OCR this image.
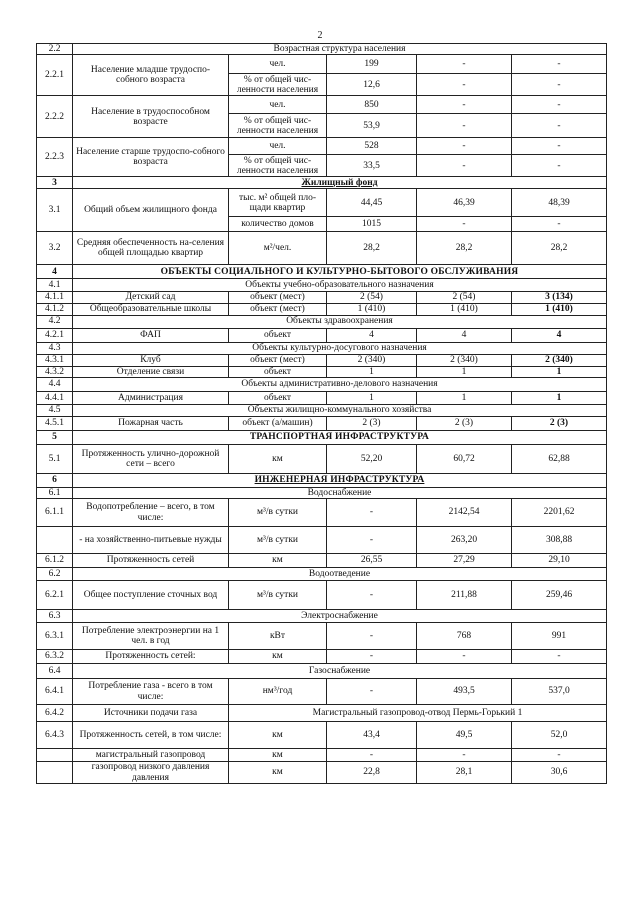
2
2.2	Возрастная структура населения				
2.2.1	Население младше трудоспо-собного возраста	чел.	199	-	-
		% от общей чис-ленности населения	12,6	-	-
2.2.2	Население в трудоспособном возрасте	чел.	850	-	-
		% от общей чис-ленности населения	53,9	-	-
2.2.3	Население старше трудоспо-собного возраста	чел.	528	-	-
		% от общей чис-ленности населения	33,5	-	-
3	Жилищный фонд				
3.1	Общий объем жилищного фонда	тыс. м² общей пло-щади квартир	44,45	46,39	48,39
		количество домов	1015	-	-
3.2	Средняя обеспеченность на-селения общей площадью квартир	м²/чел.	28,2	28,2	28,2
4	ОБЪЕКТЫ СОЦИАЛЬНОГО И КУЛЬТУРНО-БЫТОВОГО ОБСЛУЖИВАНИЯ				
4.1	Объекты учебно-образовательного назначения				
4.1.1	Детский сад	объект (мест)	2 (54)	2 (54)	3 (134)
4.1.2	Общеобразовательные школы	объект (мест)	1 (410)	1 (410)	1 (410)
4.2	Объекты здравоохранения				
4.2.1	ФАП	объект	4	4	4
4.3	Объекты культурно-досугового назначения				
4.3.1	Клуб	объект (мест)	2 (340)	2 (340)	2 (340)
4.3.2	Отделение связи	объект	1	1	1
4.4	Объекты административно-делового назначения				
4.4.1	Администрация	объект	1	1	1
4.5	Объекты жилищно-коммунального хозяйства				
4.5.1	Пожарная часть	объект (а/машин)	2 (3)	2 (3)	2 (3)
5	ТРАНСПОРТНАЯ ИНФРАСТРУКТУРА				
5.1	Протяженность улично-дорожной сети – всего	км	52,20	60,72	62,88
6	ИНЖЕНЕРНАЯ ИНФРАСТРУКТУРА				
6.1	Водоснабжение				
6.1.1	Водопотребление – всего, в том числе:	м³/в сутки	-	2142,54	2201,62
	- на хозяйственно-питьевые нужды	м³/в сутки	-	263,20	308,88
6.1.2	Протяженность сетей	км	26,55	27,29	29,10
6.2	Водоотведение				
6.2.1	Общее поступление сточных вод	м³/в сутки	-	211,88	259,46
6.3	Электроснабжение				
6.3.1	Потребление электроэнергии на 1 чел. в год	кВт	-	768	991
6.3.2	Протяженность сетей:	км	-	-	-
6.4	Газоснабжение				
6.4.1	Потребление газа - всего в том числе:	нм³/год	-	493,5	537,0
6.4.2	Источники подачи газа	Магистральный газопровод-отвод Пермь-Горький 1			
6.4.3	Протяженность сетей, в том числе:	км	43,4	49,5	52,0
	магистральный газопровод	км	-	-	-
	газопровод низкого давления давления	км	22,8	28,1	30,6
